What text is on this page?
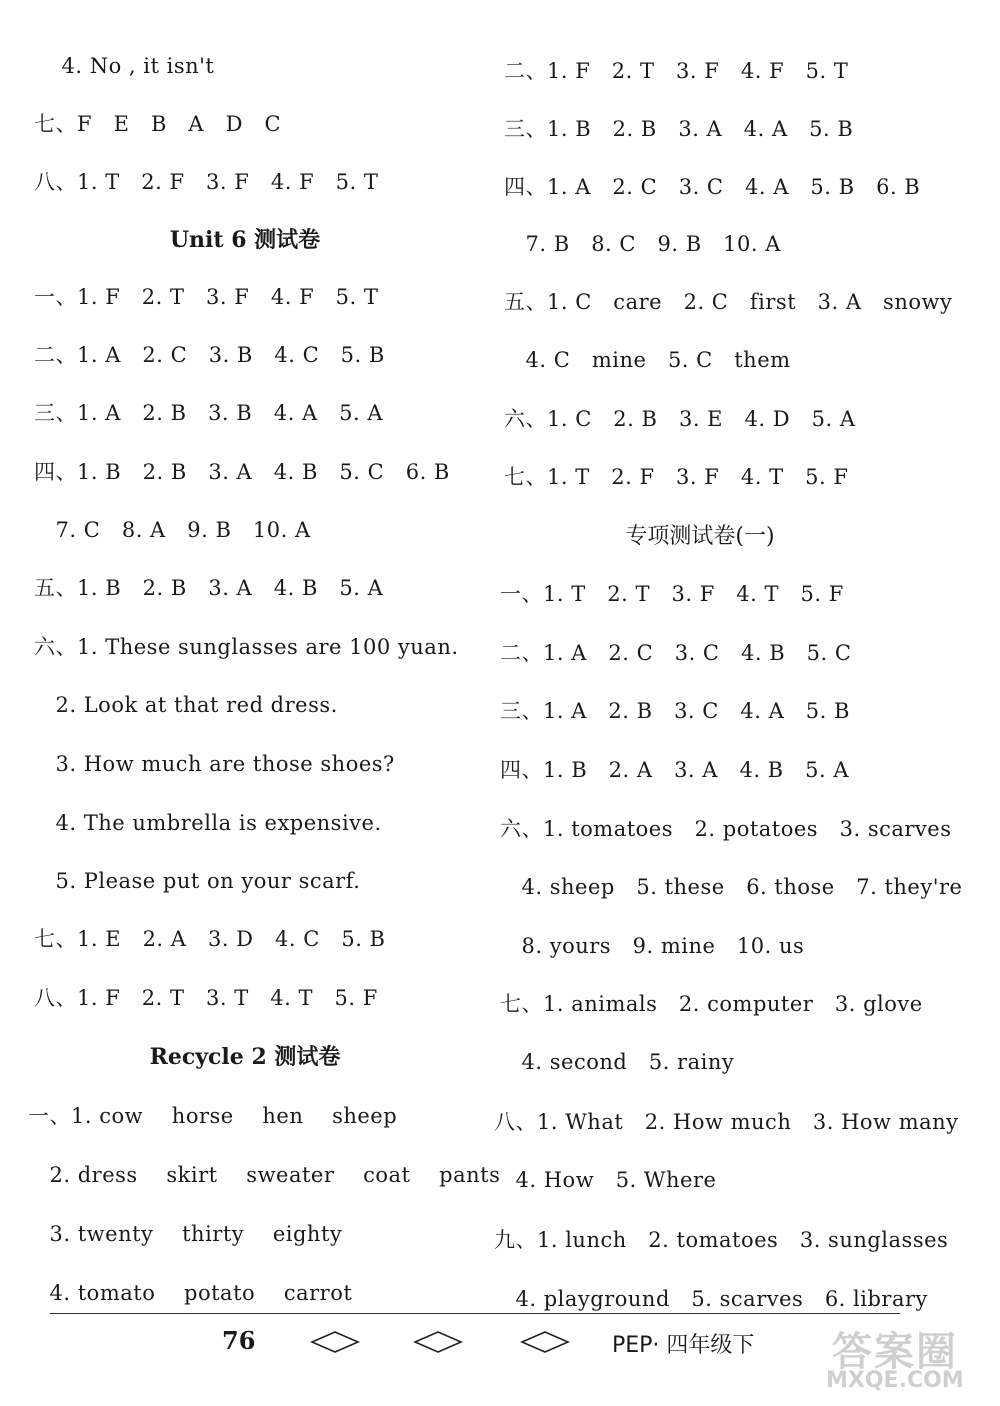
4. No , it isn't
七、F   E   B   A   D   C
八、1. T   2. F   3. F   4. F   5. T
Unit 6 测试卷
一、1. F   2. T   3. F   4. F   5. T
二、1. A   2. C   3. B   4. C   5. B
三、1. A   2. B   3. B   4. A   5. A
四、1. B   2. B   3. A   4. B   5. C   6. B
7. C   8. A   9. B   10. A
五、1. B   2. B   3. A   4. B   5. A
六、1. These sunglasses are 100 yuan.
2. Look at that red dress.
3. How much are those shoes?
4. The umbrella is expensive.
5. Please put on your scarf.
七、1. E   2. A   3. D   4. C   5. B
八、1. F   2. T   3. T   4. T   5. F
Recycle 2 测试卷
一、1. cow    horse    hen    sheep
2. dress    skirt    sweater    coat    pants
3. twenty    thirty    eighty
4. tomato    potato    carrot
二、1. F   2. T   3. F   4. F   5. T
三、1. B   2. B   3. A   4. A   5. B
四、1. A   2. C   3. C   4. A   5. B   6. B
7. B   8. C   9. B   10. A
五、1. C   care   2. C   first   3. A   snowy
4. C   mine   5. C   them
六、1. C   2. B   3. E   4. D   5. A
七、1. T   2. F   3. F   4. T   5. F
专项测试卷(一)
一、1. T   2. T   3. F   4. T   5. F
二、1. A   2. C   3. C   4. B   5. C
三、1. A   2. B   3. C   4. A   5. B
四、1. B   2. A   3. A   4. B   5. A
六、1. tomatoes   2. potatoes   3. scarves
4. sheep   5. these   6. those   7. they're
8. yours   9. mine   10. us
七、1. animals   2. computer   3. glove
4. second   5. rainy
八、1. What   2. How much   3. How many
4. How   5. Where
九、1. lunch   2. tomatoes   3. sunglasses
4. playground   5. scarves   6. library
76	PEP· 四年级下 答案圈
MXQE.COM
